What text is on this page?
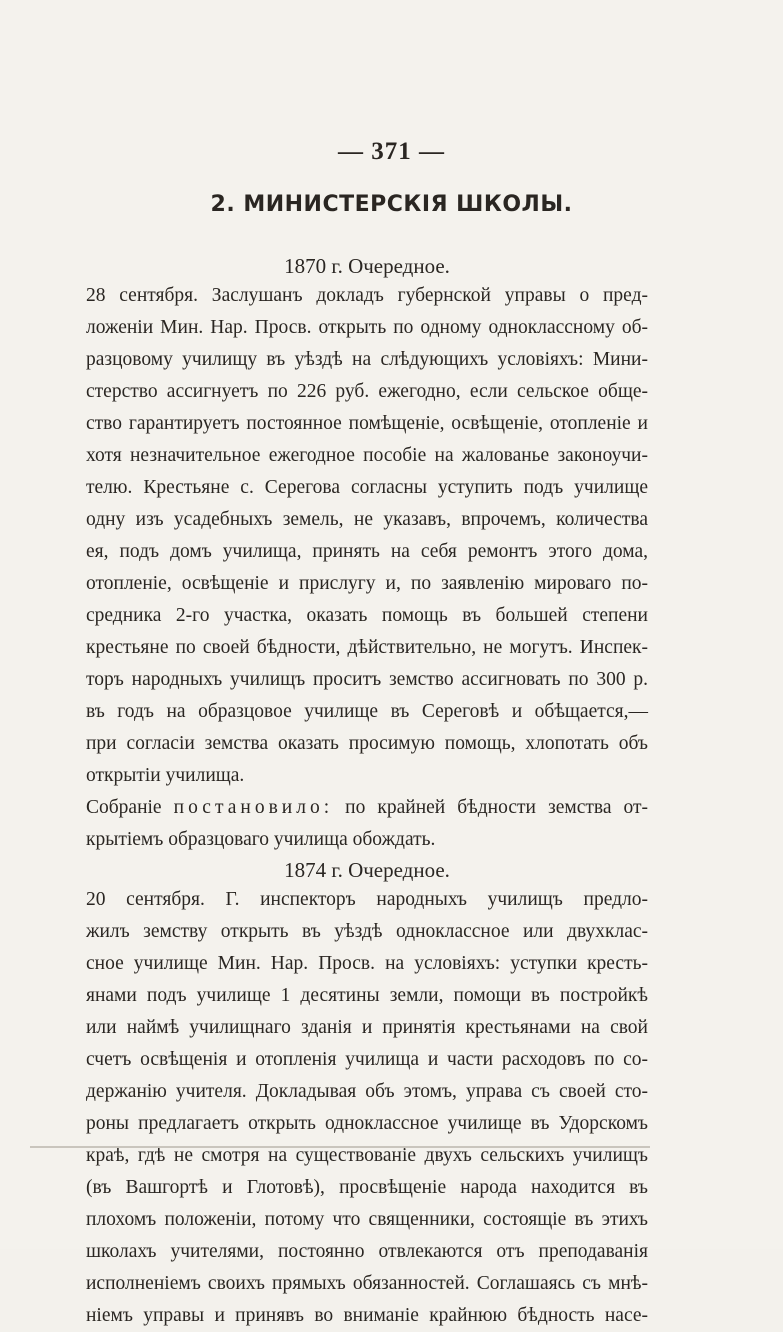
— 371 —
2. МИНИСТЕРСКІЯ ШКОЛЫ.
1870 г. Очередное.
28 сентября. Заслушанъ докладъ губернской управы о пред-
ложеніи Мин. Нар. Просв. открыть по одному одноклассному об-
разцовому училищу въ уѣздѣ на слѣдующихъ условіяхъ: Мини-
стерство ассигнуетъ по 226 руб. ежегодно, если сельское обще-
ство гарантируетъ постоянное помѣщеніе, освѣщеніе, отопленіе и
хотя незначительное ежегодное пособіе на жалованье законоучи-
телю. Крестьяне с. Серегова согласны уступить подъ училище
одну изъ усадебныхъ земель, не указавъ, впрочемъ, количества
ея, подъ домъ училища, принять на себя ремонтъ этого дома,
отопленіе, освѣщеніе и прислугу и, по заявленію мироваго по-
средника 2-го участка, оказать помощь въ большей степени
крестьяне по своей бѣдности, дѣйствительно, не могутъ. Инспек-
торъ народныхъ училищъ проситъ земство ассигновать по 300 р.
въ годъ на образцовое училище въ Сереговѣ и обѣщается,—
при согласіи земства оказать просимую помощь, хлопотать объ
открытіи училища.
Собраніе постановило: по крайней бѣдности земства от-
крытіемъ образцоваго училища обождать.
1874 г. Очередное.
20 сентября. Г. инспекторъ народныхъ училищъ предло-
жилъ земству открыть въ уѣздѣ одноклассное или двухклас-
сное училище Мин. Нар. Просв. на условіяхъ: уступки кресть-
янами подъ училище 1 десятины земли, помощи въ постройкѣ
или наймѣ училищнаго зданія и принятія крестьянами на свой
счетъ освѣщенія и отопленія училища и части расходовъ по со-
держанію учителя. Докладывая объ этомъ, управа съ своей сто-
роны предлагаетъ открыть одноклассное училище въ Удорскомъ
краѣ, гдѣ не смотря на существованіе двухъ сельскихъ училищъ
(въ Вашгортѣ и Глотовѣ), просвѣщеніе народа находится въ
плохомъ положеніи, потому что священники, состоящіе въ этихъ
школахъ учителями, постоянно отвлекаются отъ преподаванія
исполненіемъ своихъ прямыхъ обязанностей. Соглашаясь съ мнѣ-
ніемъ управы и принявъ во вниманіе крайнюю бѣдность насе-
